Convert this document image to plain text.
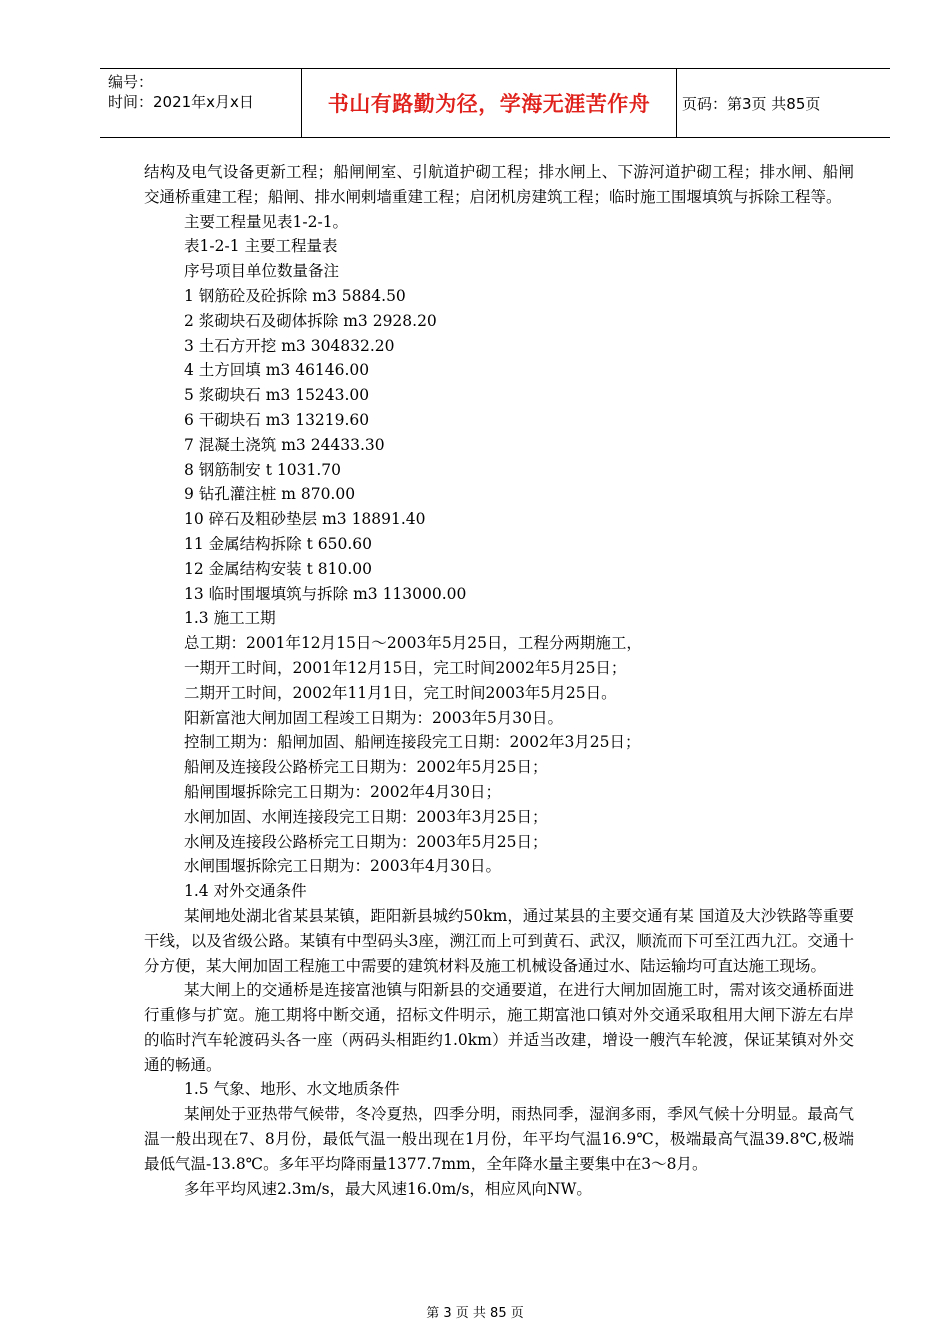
编号：
时间：2021年x月x日	书山有路勤为径，学海无涯苦作舟 页码：第3页 共85页

结构及电气设备更新工程；船闸闸室、引航道护砌工程；排水闸上、下游河道护砌工程；排水闸、船闸交通桥重建工程；船闸、排水闸剌墙重建工程；启闭机房建筑工程；临时施工围堰填筑与拆除工程等。

主要工程量见表1-2-1。

表1-2-1 主要工程量表

序号项目单位数量备注

1 钢筋砼及砼拆除 m3 5884.50

2 浆砌块石及砌体拆除 m3 2928.20

3 土石方开挖 m3 304832.20

4 土方回填 m3 46146.00

5 浆砌块石 m3 15243.00

6 干砌块石 m3 13219.60

7 混凝土浇筑 m3 24433.30

8 钢筋制安 t 1031.70

9 钻孔灌注桩 m 870.00

10 碎石及粗砂垫层 m3 18891.40

11 金属结构拆除 t 650.60

12 金属结构安装 t 810.00

13 临时围堰填筑与拆除 m3 113000.00

1.3 施工工期

总工期：2001年12月15日～2003年5月25日，工程分两期施工，

一期开工时间，2001年12月15日，完工时间2002年5月25日；

二期开工时间，2002年11月1日，完工时间2003年5月25日。

阳新富池大闸加固工程竣工日期为：2003年5月30日。

控制工期为：船闸加固、船闸连接段完工日期：2002年3月25日；

船闸及连接段公路桥完工日期为：2002年5月25日；

船闸围堰拆除完工日期为：2002年4月30日；

水闸加固、水闸连接段完工日期：2003年3月25日；

水闸及连接段公路桥完工日期为：2003年5月25日；

水闸围堰拆除完工日期为：2003年4月30日。

1.4 对外交通条件

某闸地处湖北省某县某镇，距阳新县城约50km，通过某县的主要交通有某 国道及大沙铁路等重要干线，以及省级公路。某镇有中型码头3座，溯江而上可到黄石、武汉，顺流而下可至江西九江。交通十分方便，某大闸加固工程施工中需要的建筑材料及施工机械设备通过水、陆运输均可直达施工现场。

某大闸上的交通桥是连接富池镇与阳新县的交通要道，在进行大闸加固施工时，需对该交通桥面进行重修与扩宽。施工期将中断交通，招标文件明示，施工期富池口镇对外交通采取租用大闸下游左右岸的临时汽车轮渡码头各一座（两码头相距约1.0km）并适当改建，增设一艘汽车轮渡，保证某镇对外交通的畅通。

1.5 气象、地形、水文地质条件

某闸处于亚热带气候带，冬冷夏热，四季分明，雨热同季，湿润多雨，季风气候十分明显。最高气温一般出现在7、8月份，最低气温一般出现在1月份，年平均气温16.9℃，极端最高气温39.8℃,极端最低气温-13.8℃。多年平均降雨量1377.7mm，全年降水量主要集中在3～8月。

多年平均风速2.3m/s，最大风速16.0m/s，相应风向NW。

第 3 页 共 85 页
